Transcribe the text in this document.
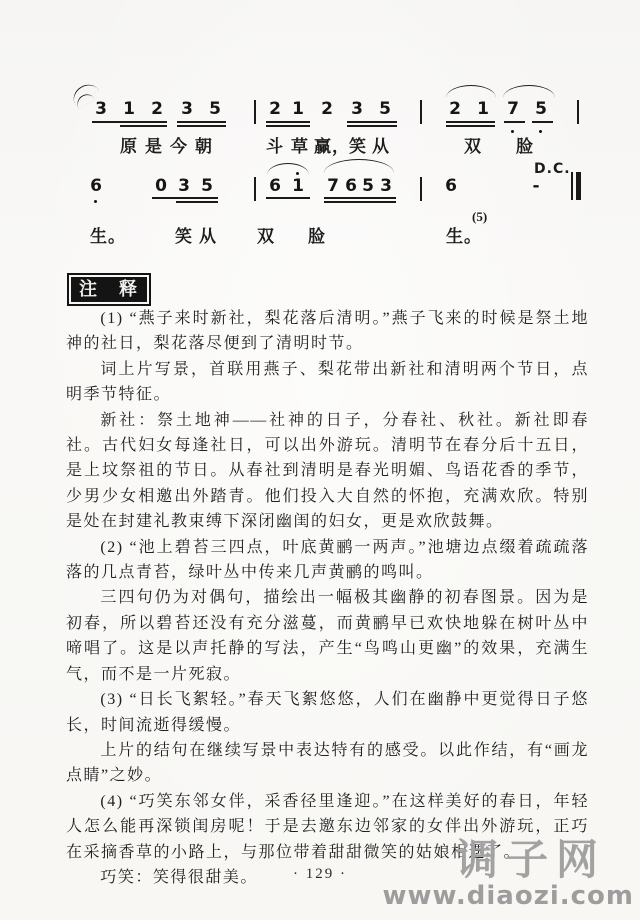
3 1 2 3 5	2 1 2 3 5	2 1 7 5
原 是 今 朝	斗 草 赢， 笑 从	双 脸
D.C.
6	0 3 5	6 1 7 6 5 3	6	-
(5)
生。	笑 从 双 脸	生。
注　释

(1) “燕子来时新社，梨花落后清明。”燕子飞来的时候是祭土地神的社日，梨花落尽便到了清明时节。

词上片写景，首联用燕子、梨花带出新社和清明两个节日，点明季节特征。

新社：祭土地神——社神的日子，分春社、秋社。新社即春社。古代妇女每逢社日，可以出外游玩。清明节在春分后十五日，是上坟祭祖的节日。从春社到清明是春光明媚、鸟语花香的季节，少男少女相邀出外踏青。他们投入大自然的怀抱，充满欢欣。特别是处在封建礼教束缚下深闭幽闺的妇女，更是欢欣鼓舞。

(2) “池上碧苔三四点，叶底黄鹂一两声。”池塘边点缀着疏疏落落的几点青苔，绿叶丛中传来几声黄鹂的鸣叫。

三四句仍为对偶句，描绘出一幅极其幽静的初春图景。因为是初春，所以碧苔还没有充分滋蔓，而黄鹂早已欢快地躲在树叶丛中啼唱了。这是以声托静的写法，产生“鸟鸣山更幽”的效果，充满生气，而不是一片死寂。

(3) “日长飞絮轻。”春天飞絮悠悠，人们在幽静中更觉得日子悠长，时间流逝得缓慢。

上片的结句在继续写景中表达特有的感受。以此作结，有“画龙点睛”之妙。

(4) “巧笑东邻女伴，采香径里逢迎。”在这样美好的春日，年轻人怎么能再深锁闺房呢！于是去邀东边邻家的女伴出外游玩，正巧在采摘香草的小路上，与那位带着甜甜微笑的姑娘相遇了。

巧笑：笑得很甜美。	· 129 ·	调子网
www.diaozi.com
